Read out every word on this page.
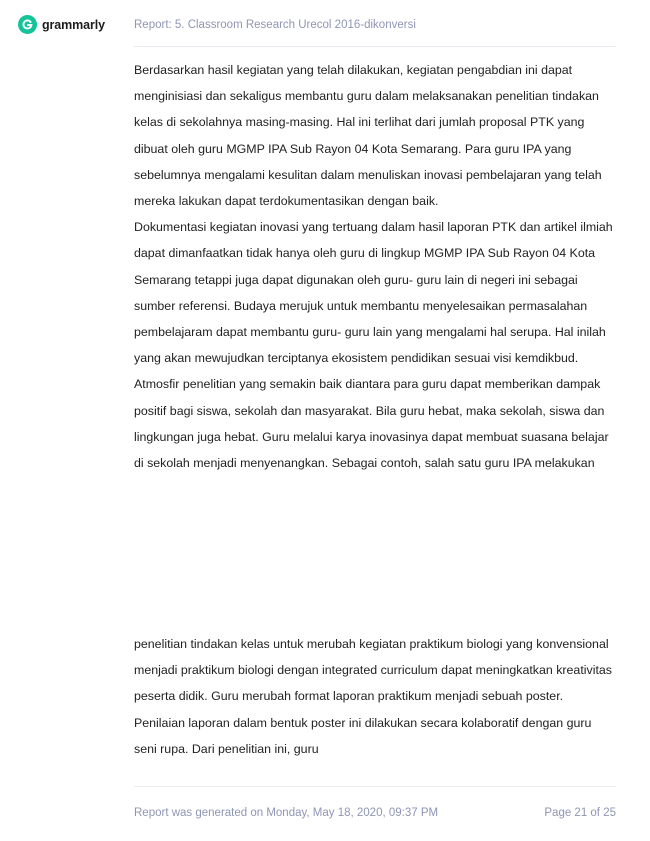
grammarly	Report: 5. Classroom Research Urecol 2016-dikonversi

Berdasarkan hasil kegiatan yang telah dilakukan, kegiatan pengabdian ini dapat menginisiasi dan sekaligus membantu guru dalam melaksanakan penelitian tindakan kelas di sekolahnya masing-masing. Hal ini terlihat dari jumlah proposal PTK yang dibuat oleh guru MGMP IPA Sub Rayon 04 Kota Semarang. Para guru IPA yang sebelumnya mengalami kesulitan dalam menuliskan inovasi pembelajaran yang telah mereka lakukan dapat terdokumentasikan dengan baik.

Dokumentasi kegiatan inovasi yang tertuang dalam hasil laporan PTK dan artikel ilmiah dapat dimanfaatkan tidak hanya oleh guru di lingkup MGMP IPA Sub Rayon 04 Kota Semarang tetappi juga dapat digunakan oleh guru- guru lain di negeri ini sebagai sumber referensi. Budaya merujuk untuk membantu menyelesaikan permasalahan pembelajaram dapat membantu guru- guru lain yang mengalami hal serupa. Hal inilah yang akan mewujudkan terciptanya ekosistem pendidikan sesuai visi kemdikbud.

Atmosfir penelitian yang semakin baik diantara para guru dapat memberikan dampak positif bagi siswa, sekolah dan masyarakat. Bila guru hebat, maka sekolah, siswa dan lingkungan juga hebat. Guru melalui karya inovasinya dapat membuat suasana belajar di sekolah menjadi menyenangkan. Sebagai contoh, salah satu guru IPA melakukan

penelitian tindakan kelas untuk merubah kegiatan praktikum biologi yang konvensional menjadi praktikum biologi dengan integrated curriculum dapat meningkatkan kreativitas peserta didik. Guru merubah format laporan praktikum menjadi sebuah poster. Penilaian laporan dalam bentuk poster ini dilakukan secara kolaboratif dengan guru seni rupa. Dari penelitian ini, guru

Report was generated on Monday, May 18, 2020, 09:37 PM	Page 21 of 25
